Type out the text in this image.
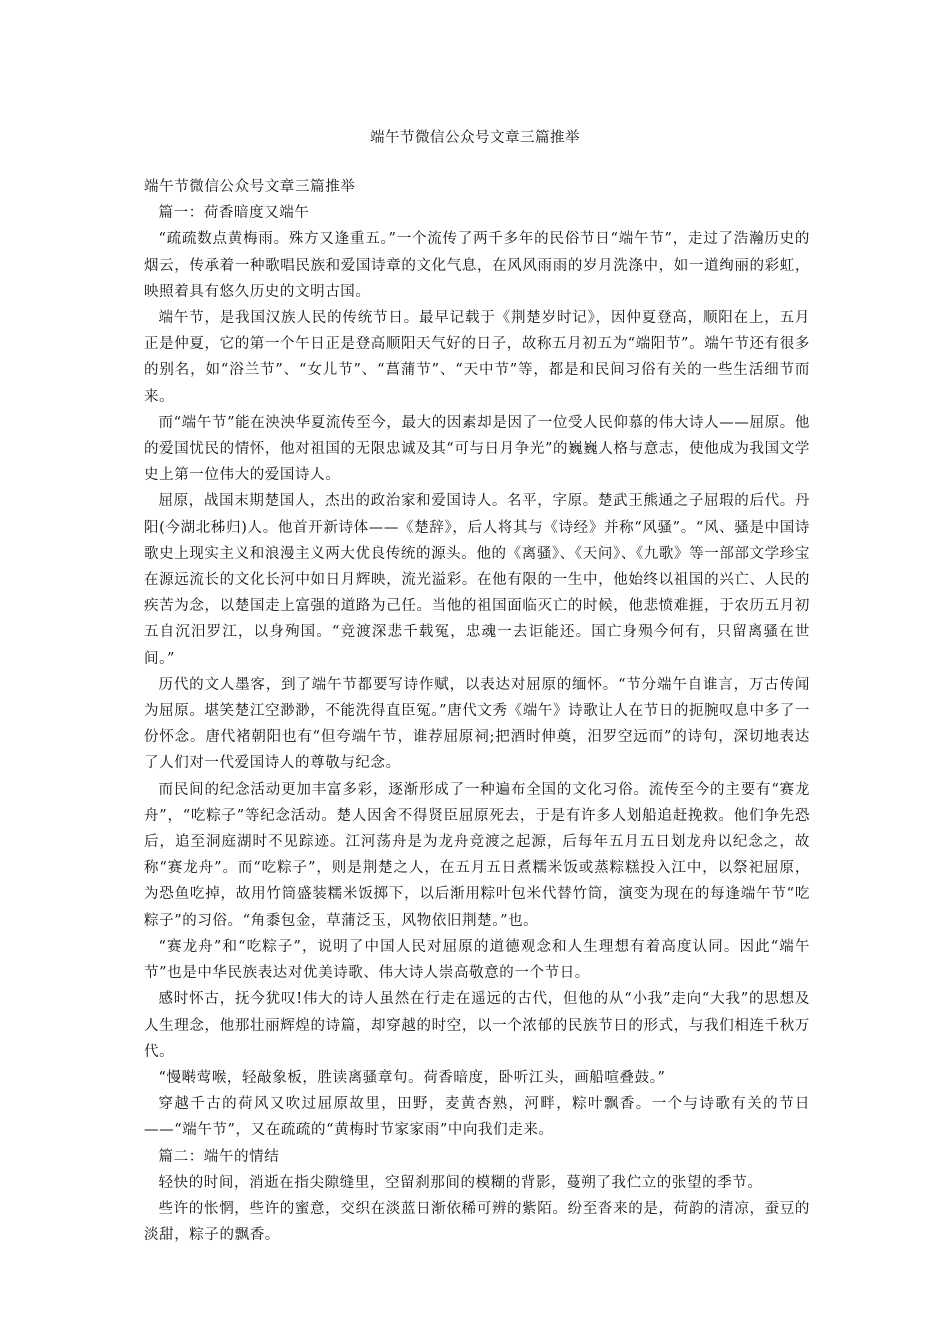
端午节微信公众号文章三篇推举

端午节微信公众号文章三篇推举

篇一：荷香暗度又端午

“疏疏数点黄梅雨。殊方又逢重五。”一个流传了两千多年的民俗节日“端午节”，走过了浩瀚历史的烟云，传承着一种歌唱民族和爱国诗章的文化气息，在风风雨雨的岁月洗涤中，如一道绚丽的彩虹，映照着具有悠久历史的文明古国。

端午节，是我国汉族人民的传统节日。最早记载于《荆楚岁时记》，因仲夏登高，顺阳在上，五月正是仲夏，它的第一个午日正是登高顺阳天气好的日子，故称五月初五为“端阳节”。端午节还有很多的别名，如“浴兰节”、“女儿节”、“菖蒲节”、“天中节”等，都是和民间习俗有关的一些生活细节而来。

而“端午节”能在泱泱华夏流传至今，最大的因素却是因了一位受人民仰慕的伟大诗人——屈原。他的爱国忧民的情怀，他对祖国的无限忠诚及其“可与日月争光”的巍巍人格与意志，使他成为我国文学史上第一位伟大的爱国诗人。

屈原，战国末期楚国人，杰出的政治家和爱国诗人。名平，字原。楚武王熊通之子屈瑕的后代。丹阳(今湖北秭归)人。他首开新诗体——《楚辞》，后人将其与《诗经》并称“风骚”。“风、骚是中国诗歌史上现实主义和浪漫主义两大优良传统的源头。他的《离骚》、《天问》、《九歌》等一部部文学珍宝在源远流长的文化长河中如日月辉映，流光溢彩。在他有限的一生中，他始终以祖国的兴亡、人民的疾苦为念，以楚国走上富强的道路为己任。当他的祖国面临灭亡的时候，他悲愤难捱，于农历五月初五自沉汨罗江，以身殉国。“竞渡深悲千载冤，忠魂一去讵能还。国亡身殒今何有，只留离骚在世间。”

历代的文人墨客，到了端午节都要写诗作赋，以表达对屈原的缅怀。“节分端午自谁言，万古传闻为屈原。堪笑楚江空渺渺，不能洗得直臣冤。”唐代文秀《端午》诗歌让人在节日的扼腕叹息中多了一份怀念。唐代褚朝阳也有“但夸端午节，谁荐屈原祠;把酒时伸奠，汨罗空远而”的诗句，深切地表达了人们对一代爱国诗人的尊敬与纪念。

而民间的纪念活动更加丰富多彩，逐渐形成了一种遍布全国的文化习俗。流传至今的主要有“赛龙舟”，“吃粽子”等纪念活动。楚人因舍不得贤臣屈原死去，于是有许多人划船追赶挽救。他们争先恐后，追至洞庭湖时不见踪迹。江河荡舟是为龙舟竞渡之起源，后每年五月五日划龙舟以纪念之，故称“赛龙舟”。而“吃粽子”，则是荆楚之人，在五月五日煮糯米饭或蒸粽糕投入江中，以祭祀屈原，为恐鱼吃掉，故用竹筒盛装糯米饭掷下，以后渐用粽叶包米代替竹筒，演变为现在的每逢端午节“吃粽子”的习俗。“角黍包金，草蒲泛玉，风物依旧荆楚。”也。

“赛龙舟”和“吃粽子”，说明了中国人民对屈原的道德观念和人生理想有着高度认同。因此“端午节”也是中华民族表达对优美诗歌、伟大诗人崇高敬意的一个节日。

感时怀古，抚今犹叹!伟大的诗人虽然在行走在遥远的古代，但他的从“小我”走向“大我”的思想及人生理念，他那壮丽辉煌的诗篇，却穿越的时空，以一个浓郁的民族节日的形式，与我们相连千秋万代。

“慢啭莺喉，轻敲象板，胜读离骚章句。荷香暗度，卧听江头，画船喧叠鼓。”

穿越千古的荷风又吹过屈原故里，田野，麦黄杏熟，河畔，粽叶飘香。一个与诗歌有关的节日——“端午节”，又在疏疏的“黄梅时节家家雨”中向我们走来。

篇二：端午的情结

轻快的时间，消逝在指尖隙缝里，空留刹那间的模糊的背影，蔓朔了我伫立的张望的季节。

些许的怅惘，些许的蜜意，交织在淡蓝日渐依稀可辨的紫陌。纷至沓来的是，荷韵的清凉，蚕豆的淡甜，粽子的飘香。
